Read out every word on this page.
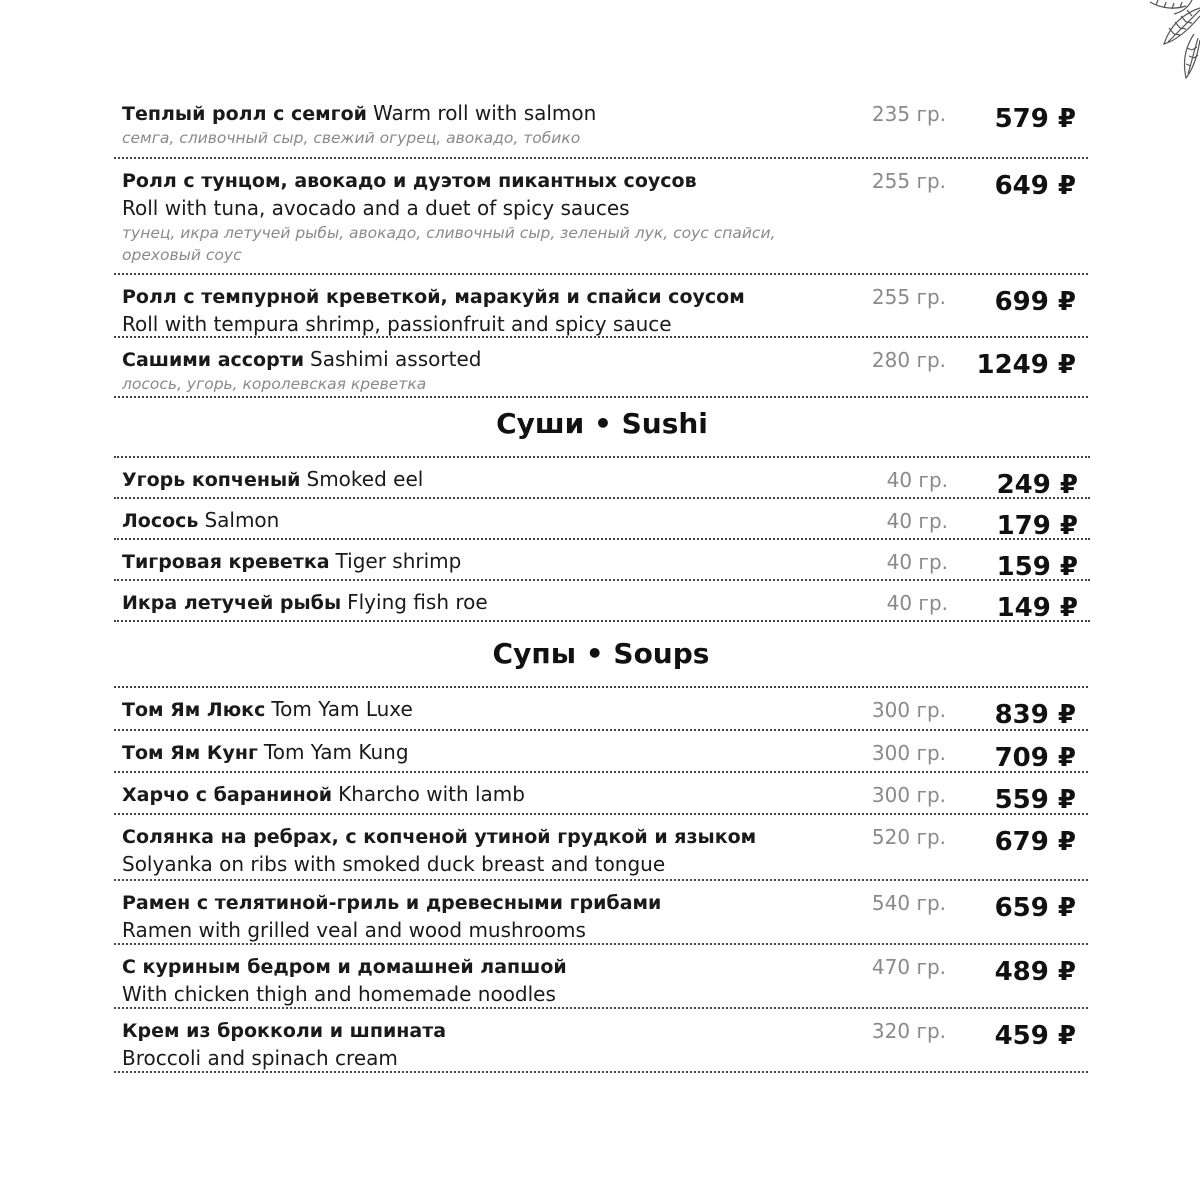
Теплый ролл с семгой Warm roll with salmon
семга, сливочный сыр, свежий огурец, авокадо, тобико
235 гр. 579 ₽
Ролл с тунцом, авокадо и дуэтом пикантных соусов
Roll with tuna, avocado and a duet of spicy sauces
тунец, икра летучей рыбы, авокадо, сливочный сыр, зеленый лук, соус спайси, ореховый соус
255 гр. 649 ₽
Ролл с темпурной креветкой, маракуйя и спайси соусом
Roll with tempura shrimp, passionfruit and spicy sauce
255 гр. 699 ₽
Сашими ассорти Sashimi assorted
лосось, угорь, королевская креветка
280 гр. 1249 ₽
Суши • Sushi
Угорь копченый Smoked eel	40 гр. 249 ₽
Лосось Salmon	40 гр. 179 ₽
Тигровая креветка Tiger shrimp	40 гр. 159 ₽
Икра летучей рыбы Flying fish roe	40 гр. 149 ₽
Супы • Soups
Том Ям Люкс Tom Yam Luxe	300 гр. 839 ₽
Том Ям Кунг Tom Yam Kung	300 гр. 709 ₽
Харчо с бараниной Kharcho with lamb	300 гр. 559 ₽
Солянка на ребрах, с копченой утиной грудкой и языком
Solyanka on ribs with smoked duck breast and tongue
520 гр. 679 ₽
Рамен с телятиной-гриль и древесными грибами
Ramen with grilled veal and wood mushrooms
540 гр. 659 ₽
С куриным бедром и домашней лапшой
With chicken thigh and homemade noodles
470 гр. 489 ₽
Крем из брокколи и шпината
Broccoli and spinach cream
320 гр. 459 ₽
